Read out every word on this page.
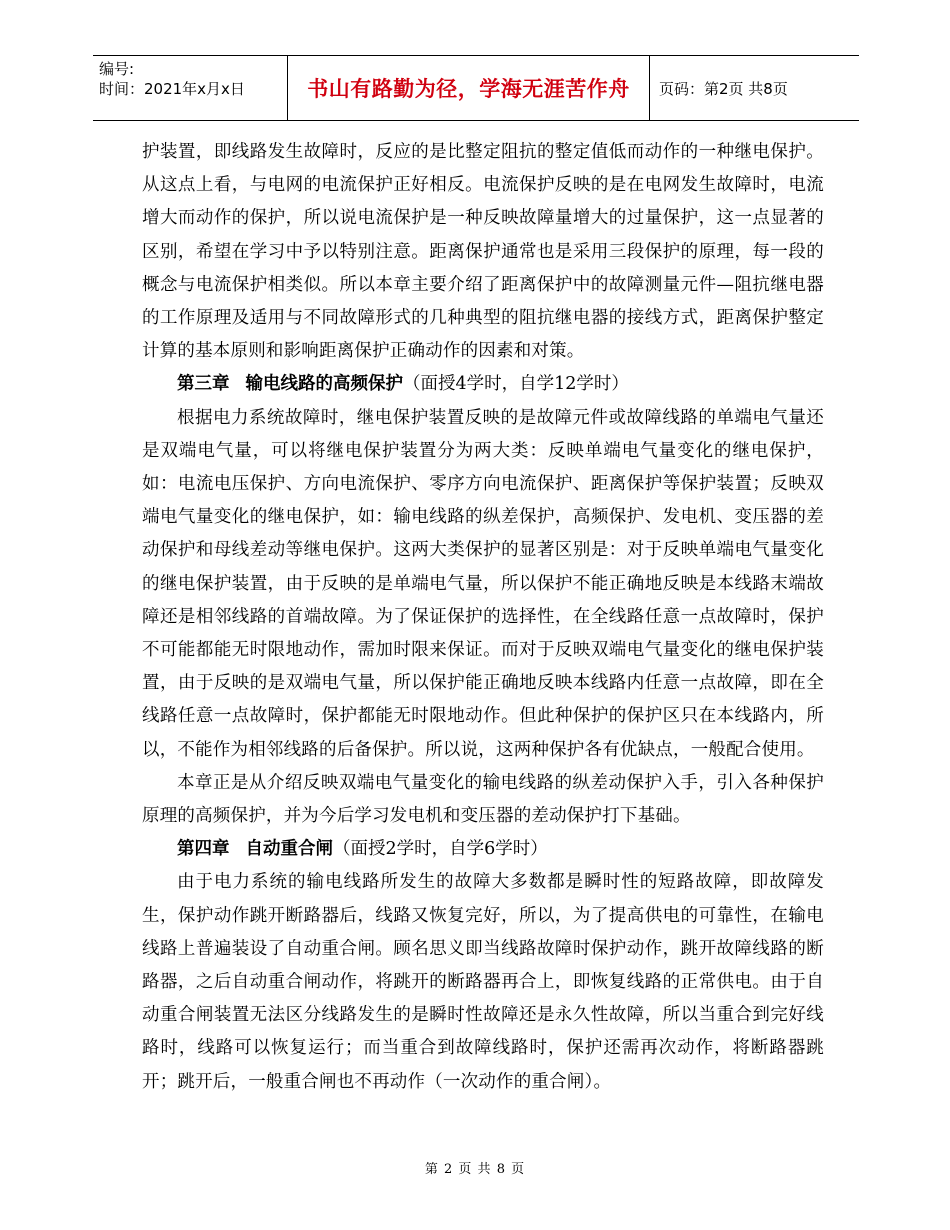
编号:
时间：2021年x月x日	书山有路勤为径，学海无涯苦作舟	页码：第2页 共8页

护装置，即线路发生故障时，反应的是比整定阻抗的整定值低而动作的一种继电保护。从这点上看，与电网的电流保护正好相反。电流保护反映的是在电网发生故障时，电流增大而动作的保护，所以说电流保护是一种反映故障量增大的过量保护，这一点显著的区别，希望在学习中予以特别注意。距离保护通常也是采用三段保护的原理，每一段的概念与电流保护相类似。所以本章主要介绍了距离保护中的故障测量元件—阻抗继电器的工作原理及适用与不同故障形式的几种典型的阻抗继电器的接线方式，距离保护整定计算的基本原则和影响距离保护正确动作的因素和对策。

第三章 输电线路的高频保护（面授4学时，自学12学时）

根据电力系统故障时，继电保护装置反映的是故障元件或故障线路的单端电气量还是双端电气量，可以将继电保护装置分为两大类：反映单端电气量变化的继电保护，如：电流电压保护、方向电流保护、零序方向电流保护、距离保护等保护装置；反映双端电气量变化的继电保护，如：输电线路的纵差保护，高频保护、发电机、变压器的差动保护和母线差动等继电保护。这两大类保护的显著区别是：对于反映单端电气量变化的继电保护装置，由于反映的是单端电气量，所以保护不能正确地反映是本线路末端故障还是相邻线路的首端故障。为了保证保护的选择性，在全线路任意一点故障时，保护不可能都能无时限地动作，需加时限来保证。而对于反映双端电气量变化的继电保护装置，由于反映的是双端电气量，所以保护能正确地反映本线路内任意一点故障，即在全线路任意一点故障时，保护都能无时限地动作。但此种保护的保护区只在本线路内，所以，不能作为相邻线路的后备保护。所以说，这两种保护各有优缺点，一般配合使用。

本章正是从介绍反映双端电气量变化的输电线路的纵差动保护入手，引入各种保护原理的高频保护，并为今后学习发电机和变压器的差动保护打下基础。

第四章 自动重合闸（面授2学时，自学6学时）

由于电力系统的输电线路所发生的故障大多数都是瞬时性的短路故障，即故障发生，保护动作跳开断路器后，线路又恢复完好，所以，为了提高供电的可靠性，在输电线路上普遍装设了自动重合闸。顾名思义即当线路故障时保护动作，跳开故障线路的断路器，之后自动重合闸动作，将跳开的断路器再合上，即恢复线路的正常供电。由于自动重合闸装置无法区分线路发生的是瞬时性故障还是永久性故障，所以当重合到完好线路时，线路可以恢复运行；而当重合到故障线路时，保护还需再次动作，将断路器跳开；跳开后，一般重合闸也不再动作（一次动作的重合闸）。

第 2 页 共 8 页
